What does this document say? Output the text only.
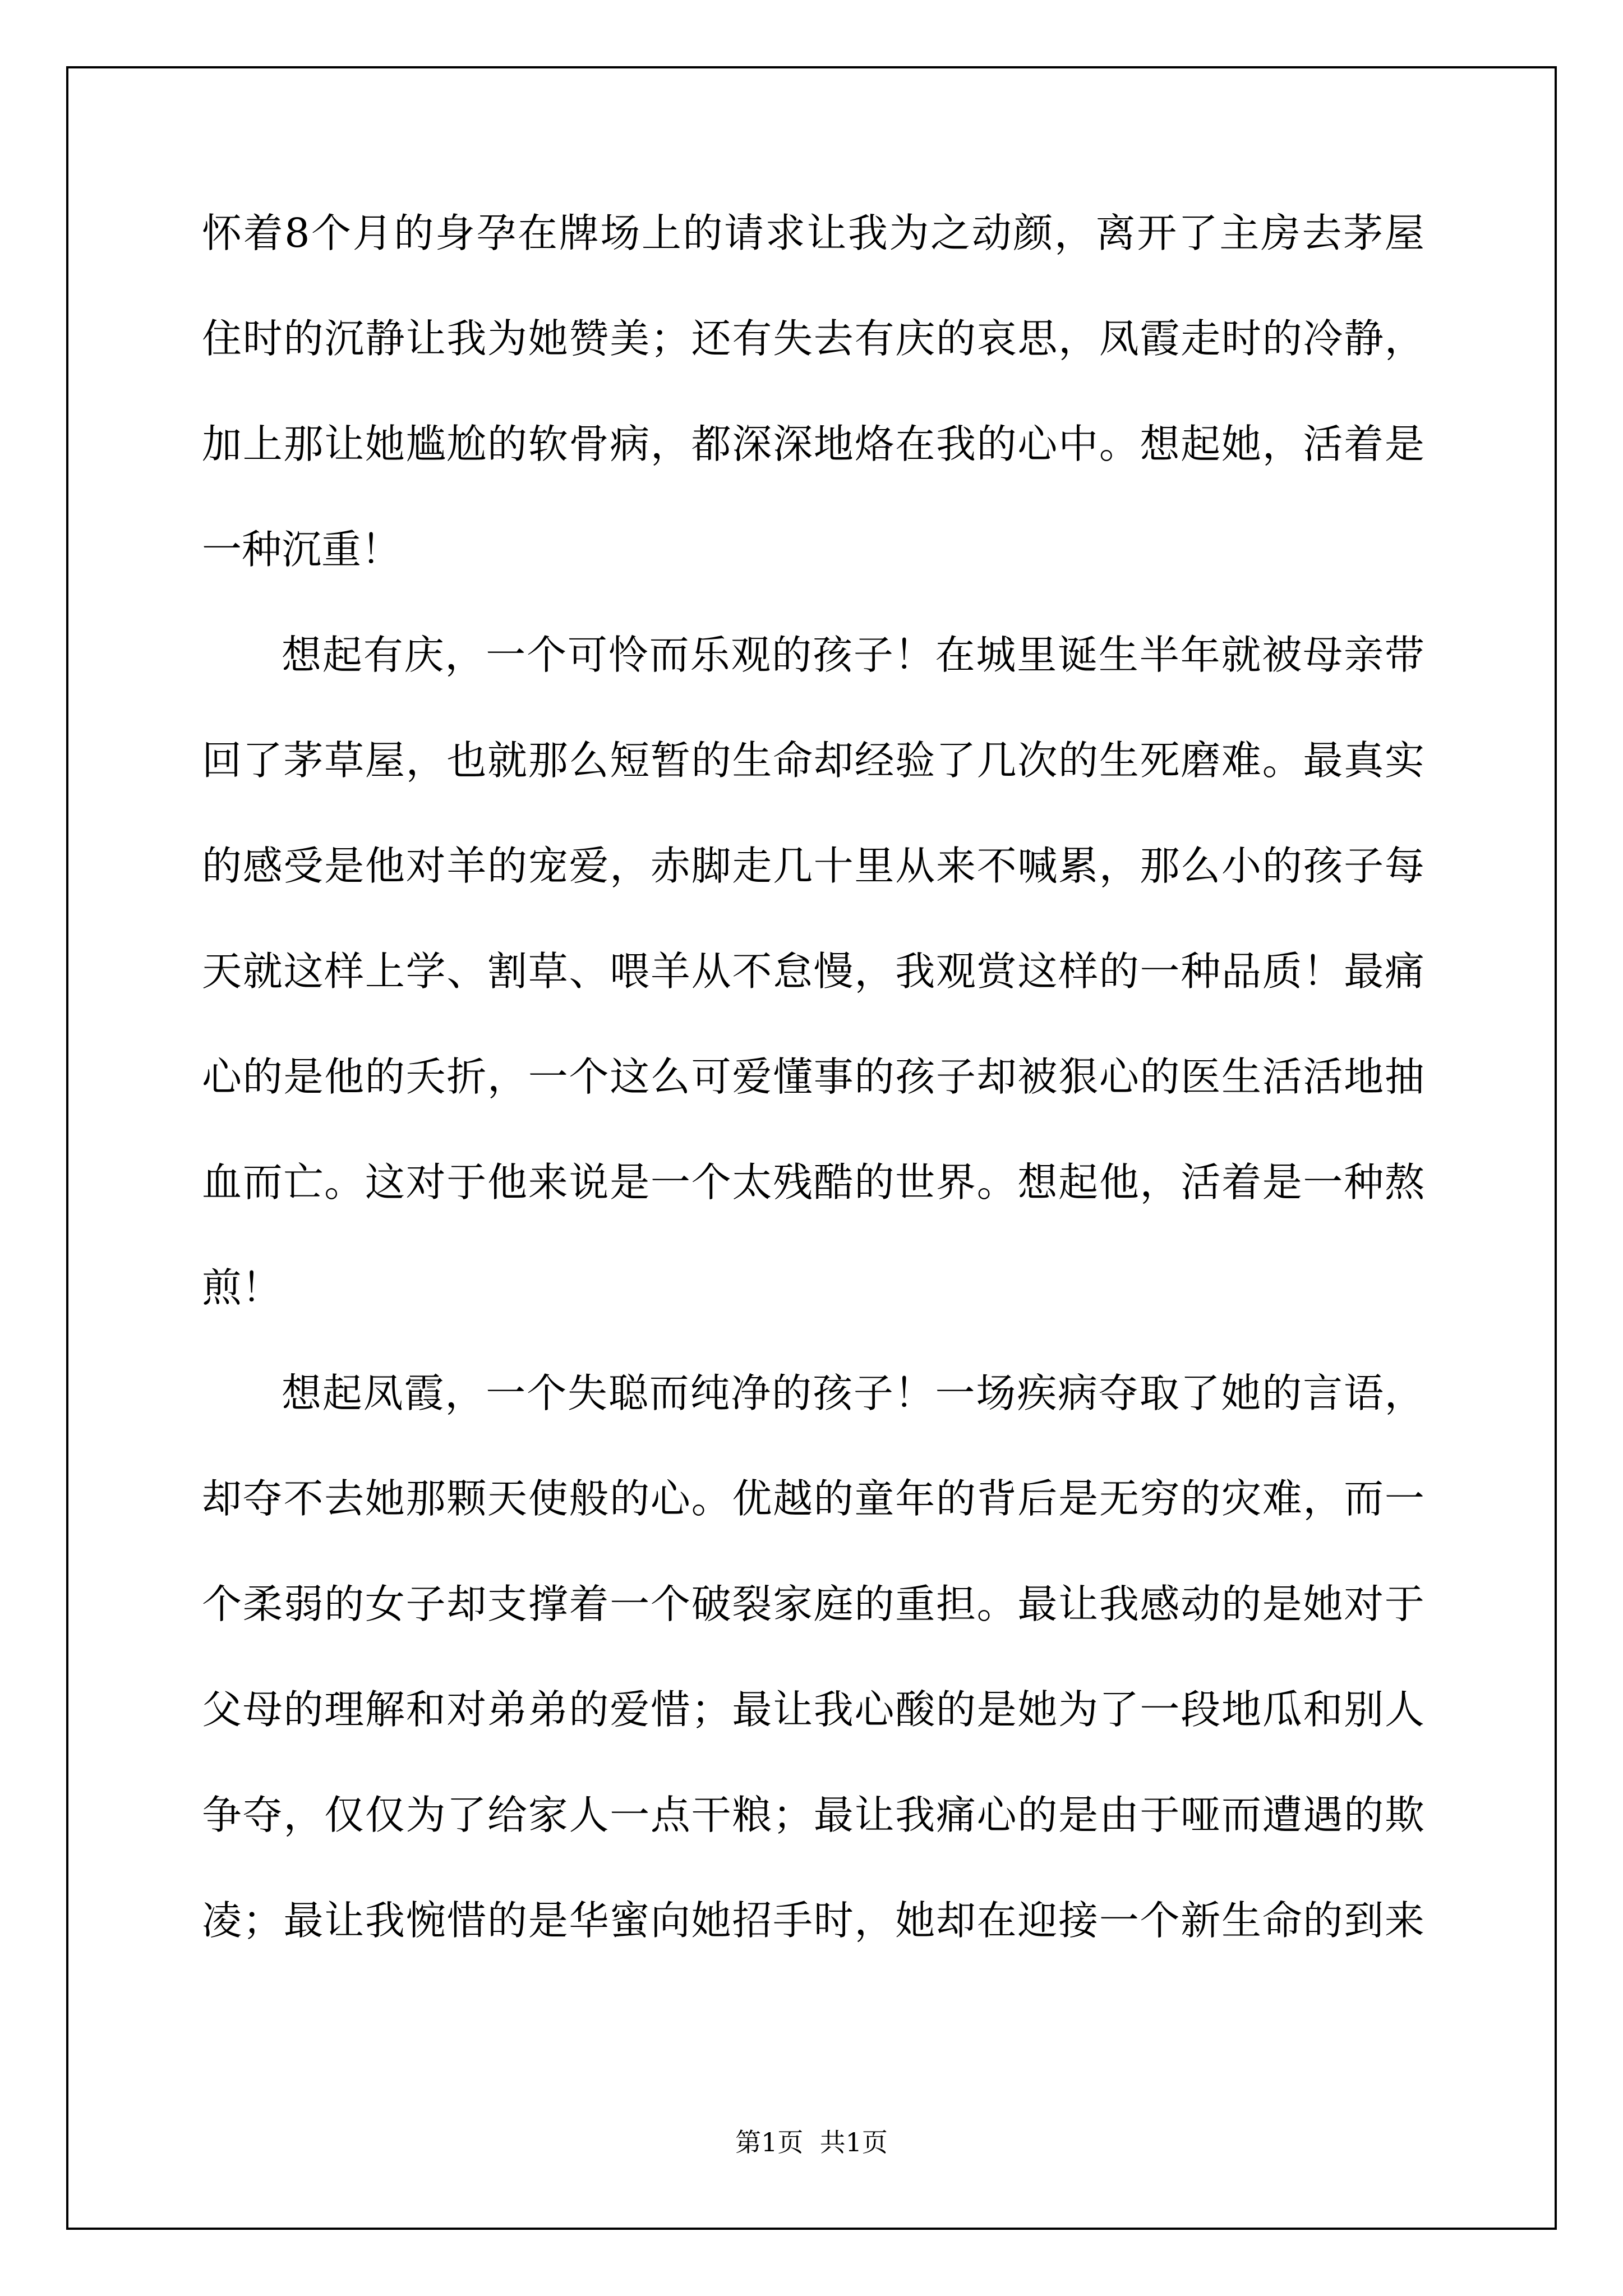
怀 着 8 个 月 的 身 孕 在 牌 场 上 的 请 求 让 我 为 之 动 颜 ， 离 开 了 主 房 去 茅 屋
住 时 的 沉 静 让 我 为 她 赞 美 ； 还 有 失 去 有 庆 的 哀 思 ， 凤 霞 走 时 的 冷 静 ，
加 上 那 让 她 尴 尬 的 软 骨 病 ， 都 深 深 地 烙 在 我 的 心 中 。 想 起 她 ， 活 着 是
一种沉重！
想 起 有 庆 ， 一 个 可 怜 而 乐 观 的 孩 子 ！ 在 城 里 诞 生 半 年 就 被 母 亲 带
回 了 茅 草 屋 ， 也 就 那 么 短 暂 的 生 命 却 经 验 了 几 次 的 生 死 磨 难 。 最 真 实
的 感 受 是 他 对 羊 的 宠 爱 ， 赤 脚 走 几 十 里 从 来 不 喊 累 ， 那 么 小 的 孩 子 每
天 就 这 样 上 学 、 割 草 、 喂 羊 从 不 怠 慢 ， 我 观 赏 这 样 的 一 种 品 质 ！ 最 痛
心 的 是 他 的 夭 折 ， 一 个 这 么 可 爱 懂 事 的 孩 子 却 被 狠 心 的 医 生 活 活 地 抽
血 而 亡 。 这 对 于 他 来 说 是 一 个 太 残 酷 的 世 界 。 想 起 他 ， 活 着 是 一 种 熬
煎！
想 起 凤 霞 ， 一 个 失 聪 而 纯 净 的 孩 子 ！ 一 场 疾 病 夺 取 了 她 的 言 语 ，
却 夺 不 去 她 那 颗 天 使 般 的 心 。 优 越 的 童 年 的 背 后 是 无 穷 的 灾 难 ， 而 一
个 柔 弱 的 女 子 却 支 撑 着 一 个 破 裂 家 庭 的 重 担 。 最 让 我 感 动 的 是 她 对 于
父 母 的 理 解 和 对 弟 弟 的 爱 惜 ； 最 让 我 心 酸 的 是 她 为 了 一 段 地 瓜 和 别 人
争 夺 ， 仅 仅 为 了 给 家 人 一 点 干 粮 ； 最 让 我 痛 心 的 是 由 于 哑 而 遭 遇 的 欺
凌 ； 最 让 我 惋 惜 的 是 华 蜜 向 她 招 手 时 ， 她 却 在 迎 接 一 个 新 生 命 的 到 来
第1页  共1页
